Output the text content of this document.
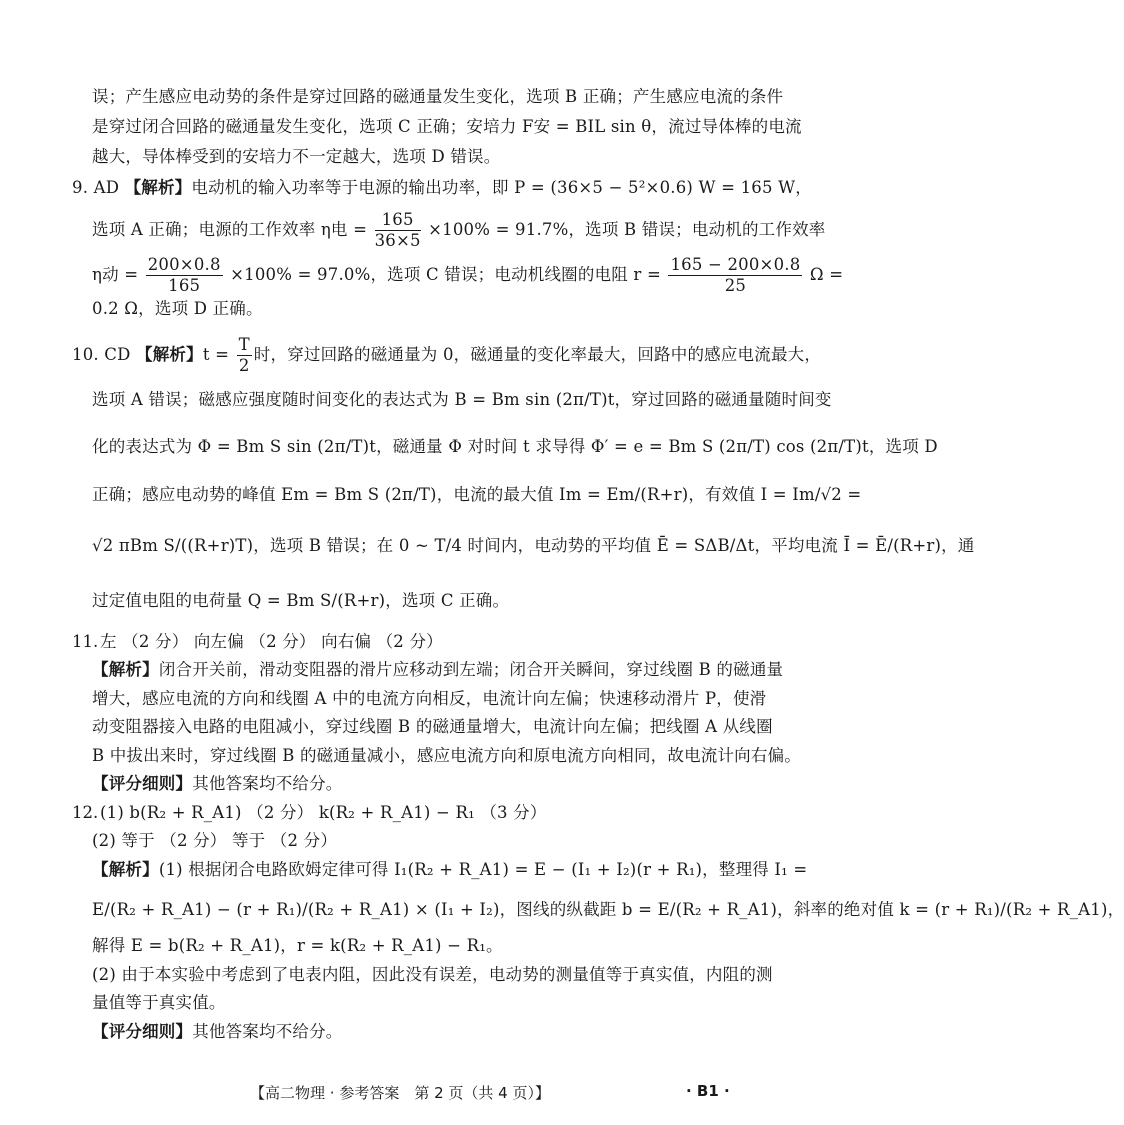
误；产生感应电动势的条件是穿过回路的磁通量发生变化，选项 B 正确；产生感应电流的条件
是穿过闭合回路的磁通量发生变化，选项 C 正确；安培力 F安 = BIL sin θ，流过导体棒的电流
越大，导体棒受到的安培力不一定越大，选项 D 错误。
9. AD 【解析】电动机的输入功率等于电源的输出功率，即 P = (36×5 − 5²×0.6) W = 165 W，
选项 A 正确；电源的工作效率 η电 = $\frac{165}{36\times 5} \times 100\% = 91.7\%$，选项 B 错误；电动机的工作效率
η动 = $\frac{200\times 0.8}{165} \times 100\% = 97.0\%$，选项 C 错误；电动机线圈的电阻 $r = \frac{165 - 200\times 0.8}{25}$ Ω =
0.2 Ω，选项 D 正确。
10. CD 【解析】$t = \frac{T}{2}$ 时，穿过回路的磁通量为 0，磁通量的变化率最大，回路中的感应电流最大，
选项 A 错误；磁感应强度随时间变化的表达式为 B = Bm sin (2π/T)t，穿过回路的磁通量随时间变
化的表达式为 Φ = Bm S sin (2π/T)t，磁通量 Φ 对时间 t 求导得 Φ′ = e = Bm S (2π/T) cos (2π/T)t，选项 D
正确；感应电动势的峰值 Em = Bm S (2π/T)，电流的最大值 Im = Em/(R+r)，有效值 I = Im/√2 =
√2 πBm S/((R+r)T)，选项 B 错误；在 0 ~ T/4 时间内，电动势的平均值 Ē = SΔB/Δt，平均电流 Ī = Ē/(R+r)，通
过定值电阻的电荷量 Q = Bm S/(R+r)，选项 C 正确。
11. 左 （2 分） 向左偏 （2 分） 向右偏 （2 分）
【解析】闭合开关前，滑动变阻器的滑片应移动到左端；闭合开关瞬间，穿过线圈 B 的磁通量
增大，感应电流的方向和线圈 A 中的电流方向相反，电流计向左偏；快速移动滑片 P，使滑
动变阻器接入电路的电阻减小，穿过线圈 B 的磁通量增大，电流计向左偏；把线圈 A 从线圈
B 中拔出来时，穿过线圈 B 的磁通量减小，感应电流方向和原电流方向相同，故电流计向右偏。
【评分细则】其他答案均不给分。
12. (1) b(R₂ + R_A1) （2 分） k(R₂ + R_A1) − R₁ （3 分）
(2) 等于 （2 分） 等于 （2 分）
【解析】(1) 根据闭合电路欧姆定律可得 I₁(R₂ + R_A1) = E − (I₁ + I₂)(r + R₁)，整理得 I₁ =
E/(R₂ + R_A1) − (r + R₁)/(R₂ + R_A1) × (I₁ + I₂)，图线的纵截距 b = E/(R₂ + R_A1)，斜率的绝对值 k = (r + R₁)/(R₂ + R_A1)，
解得 E = b(R₂ + R_A1)，r = k(R₂ + R_A1) − R₁。
(2) 由于本实验中考虑到了电表内阻，因此没有误差，电动势的测量值等于真实值，内阻的测
量值等于真实值。
【评分细则】其他答案均不给分。
【高二物理 · 参考答案　第 2 页（共 4 页）】	· B1 ·
